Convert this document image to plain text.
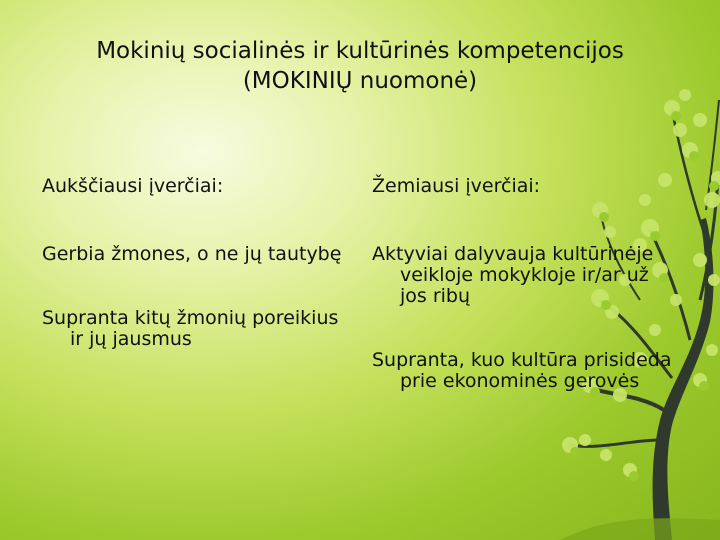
Mokinių socialinės ir kultūrinės kompetencijos
(MOKINIŲ nuomonė)
Aukščiausi įverčiai:
Gerbia žmones, o ne jų tautybę
Supranta kitų žmonių poreikius ir jų jausmus
Žemiausi įverčiai:
Aktyviai dalyvauja kultūrinėje veikloje mokykloje ir/ar už jos ribų
Supranta, kuo kultūra prisideda prie ekonominės gerovės
